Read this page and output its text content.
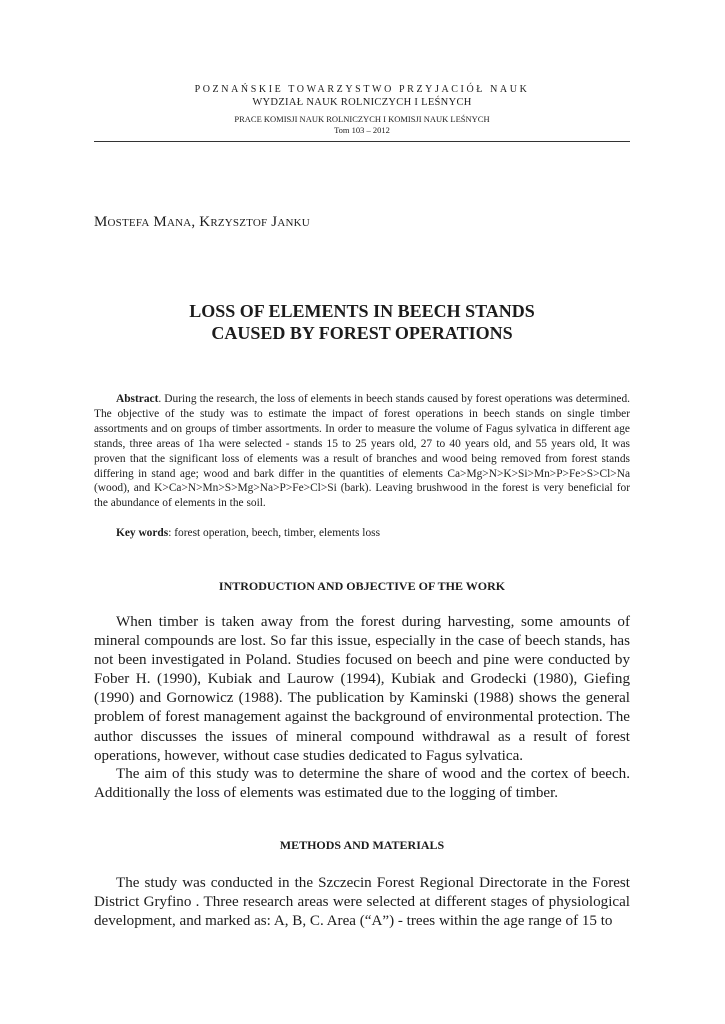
POZNAŃSKIE TOWARZYSTWO PRZYJACIÓŁ NAUK
WYDZIAŁ NAUK ROLNICZYCH I LEŚNYCH
PRACE KOMISJI NAUK ROLNICZYCH I KOMISJI NAUK LEŚNYCH
Tom 103 – 2012
Mostefa Mana, Krzysztof Janku
LOSS OF ELEMENTS IN BEECH STANDS
CAUSED BY FOREST OPERATIONS
Abstract. During the research, the loss of elements in beech stands caused by forest operations was determined. The objective of the study was to estimate the impact of forest operations in beech stands on single timber assortments and on groups of timber assortments. In order to measure the volume of Fagus sylvatica in different age stands, three areas of 1ha were selected - stands 15 to 25 years old, 27 to 40 years old, and 55 years old, It was proven that the significant loss of elements was a result of branches and wood being removed from forest stands differing in stand age; wood and bark differ in the quantities of elements Ca>Mg>N>K>Si>Mn>P>Fe>S>Cl>Na (wood), and K>Ca>N>Mn>S>Mg>Na>P>Fe>Cl>Si (bark). Leaving brushwood in the forest is very beneficial for the abundance of elements in the soil.
Key words: forest operation, beech, timber, elements loss
INTRODUCTION AND OBJECTIVE OF THE WORK
When timber is taken away from the forest during harvesting, some amounts of mineral compounds are lost. So far this issue, especially in the case of beech stands, has not been investigated in Poland. Studies focused on beech and pine were conducted by Fober H. (1990), Kubiak and Laurow (1994), Kubiak and Grodecki (1980), Giefing (1990) and Gornowicz (1988). The publication by Kaminski (1988) shows the general problem of forest management against the background of environmental protection. The author discusses the issues of mineral compound withdrawal as a result of forest operations, however, without case studies dedicated to Fagus sylvatica.
The aim of this study was to determine the share of wood and the cortex of beech. Additionally the loss of elements was estimated due to the logging of timber.
METHODS AND MATERIALS
The study was conducted in the Szczecin Forest Regional Directorate in the Forest District Gryfino . Three research areas were selected at different stages of physiological development, and marked as: A, B, C. Area (“A”) - trees within the age range of 15 to
